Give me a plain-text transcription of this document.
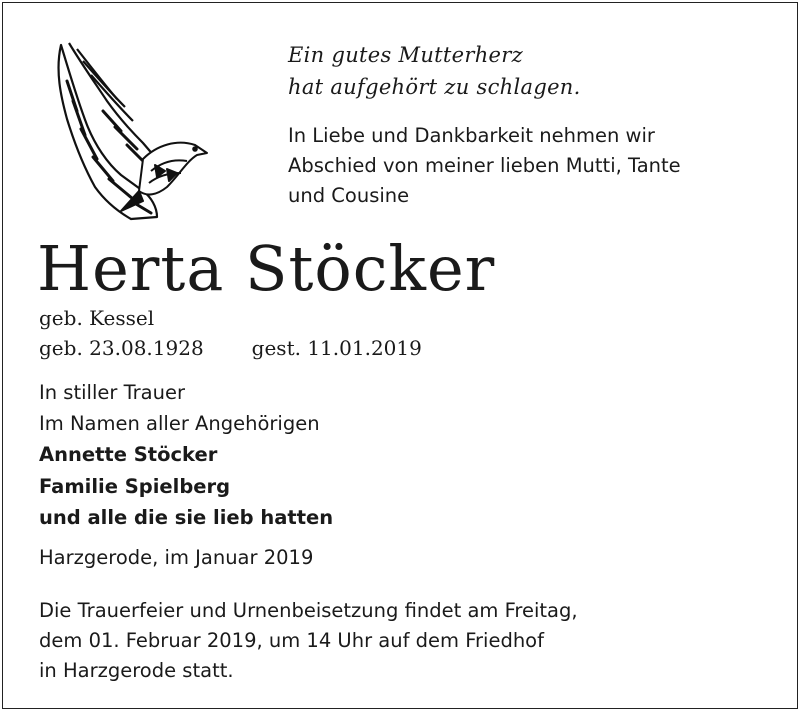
Ein gutes Mutterherz
hat aufgehört zu schlagen.
In Liebe und Dankbarkeit nehmen wir
Abschied von meiner lieben Mutti, Tante
und Cousine
Herta Stöcker
geb. Kessel
geb. 23.08.1928 gest. 11.01.2019
In stiller Trauer
Im Namen aller Angehörigen
Annette Stöcker
Familie Spielberg
und alle die sie lieb hatten
Harzgerode, im Januar 2019
Die Trauerfeier und Urnenbeisetzung findet am Freitag,
dem 01. Februar 2019, um 14 Uhr auf dem Friedhof
in Harzgerode statt.
